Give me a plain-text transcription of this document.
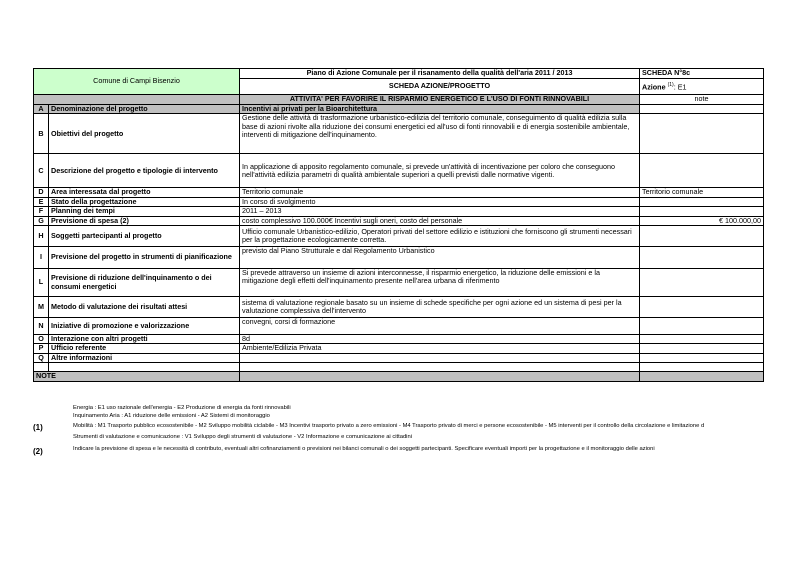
Comune di Campi Bisenzio		Piano di Azione Comunale per il risanamento della qualità dell'aria 2011 / 2013	SCHEDA N°8c
		SCHEDA AZIONE/PROGETTO	Azione $^{(1)}$: E1
		ATTIVITA' PER FAVORIRE IL RISPARMIO ENERGETICO E L'USO DI FONTI RINNOVABILI	note
A	Denominazione del progetto	Incentivi ai privati per la Bioarchitettura	
B	Obiettivi del progetto	Gestione delle attività di trasformazione urbanistico-edilizia del territorio comunale, conseguimento di qualità edilizia sulla base di azioni rivolte alla riduzione dei consumi energetici ed all'uso di fonti rinnovabili e di energia sostenibile ambientale, interventi di mitigazione dell'inquinamento.	
C	Descrizione del progetto e tipologie di intervento	In applicazione di apposito regolamento comunale, si prevede un'attività di incentivazione per coloro che conseguono nell'attività edilizia parametri di qualità ambientale superiori a quelli previsti dalle normative vigenti.	
D	Area interessata dal progetto	Territorio comunale	Territorio comunale
E	Stato della progettazione	In corso di svolgimento	
F	Planning dei tempi	2011 – 2013	
G	Previsione di spesa (2)	costo complessivo 100.000€ Incentivi sugli oneri, costo del personale	€ 100.000,00
H	Soggetti partecipanti al progetto	Ufficio comunale Urbanistico-edilizio, Operatori privati del settore edilizio e istituzioni che forniscono gli strumenti necessari per la progettazione ecologicamente corretta.	
I	Previsione del progetto in strumenti di pianificazione	previsto dal Piano Strutturale e dal Regolamento Urbanistico	
L	Previsione di riduzione dell'inquinamento o dei consumi energetici	Si prevede attraverso un insieme di azioni interconnesse, il risparmio energetico, la riduzione delle emissioni e la mitigazione degli effetti dell'inquinamento presente nell'area urbana di riferimento	
M	Metodo di valutazione dei risultati attesi	sistema di valutazione regionale basato su un insieme di schede specifiche per ogni azione ed un sistema di pesi per la valutazione complessiva dell'intervento	
N	Iniziative di promozione e valorizzazione	convegni, corsi di formazione	
O	Interazione con altri progetti	8d	
P	Ufficio referente	Ambiente/Edilizia Privata	
Q	Altre informazioni		

NOTE			
Energia : E1 uso razionale dell'energia - E2 Produzione di energia da fonti rinnovabili
Inquinamento Aria : A1 riduzione delle emissioni - A2 Sistemi di monitoraggio
(1)	Mobilità : M1 Trasporto pubblico ecosostenibile - M2 Sviluppo mobilità ciclabile - M3 Incentivi trasporto privato a zero emissioni - M4 Trasporto privato di merci e persone ecosostenibile - M5 interventi per il controllo della circolazione e limitazione d
Strumenti di valutazione e comunicazione : V1 Sviluppo degli strumenti di valutazione - V2 Informazione e comunicazione ai cittadini
(2)	Indicare la previsione di spesa e le necessità di contributo, eventuali altri cofinanziamenti o previsioni nei bilanci comunali o dei soggetti partecipanti. Specificare eventuali importi per la progettazione e il monitoraggio delle azioni
